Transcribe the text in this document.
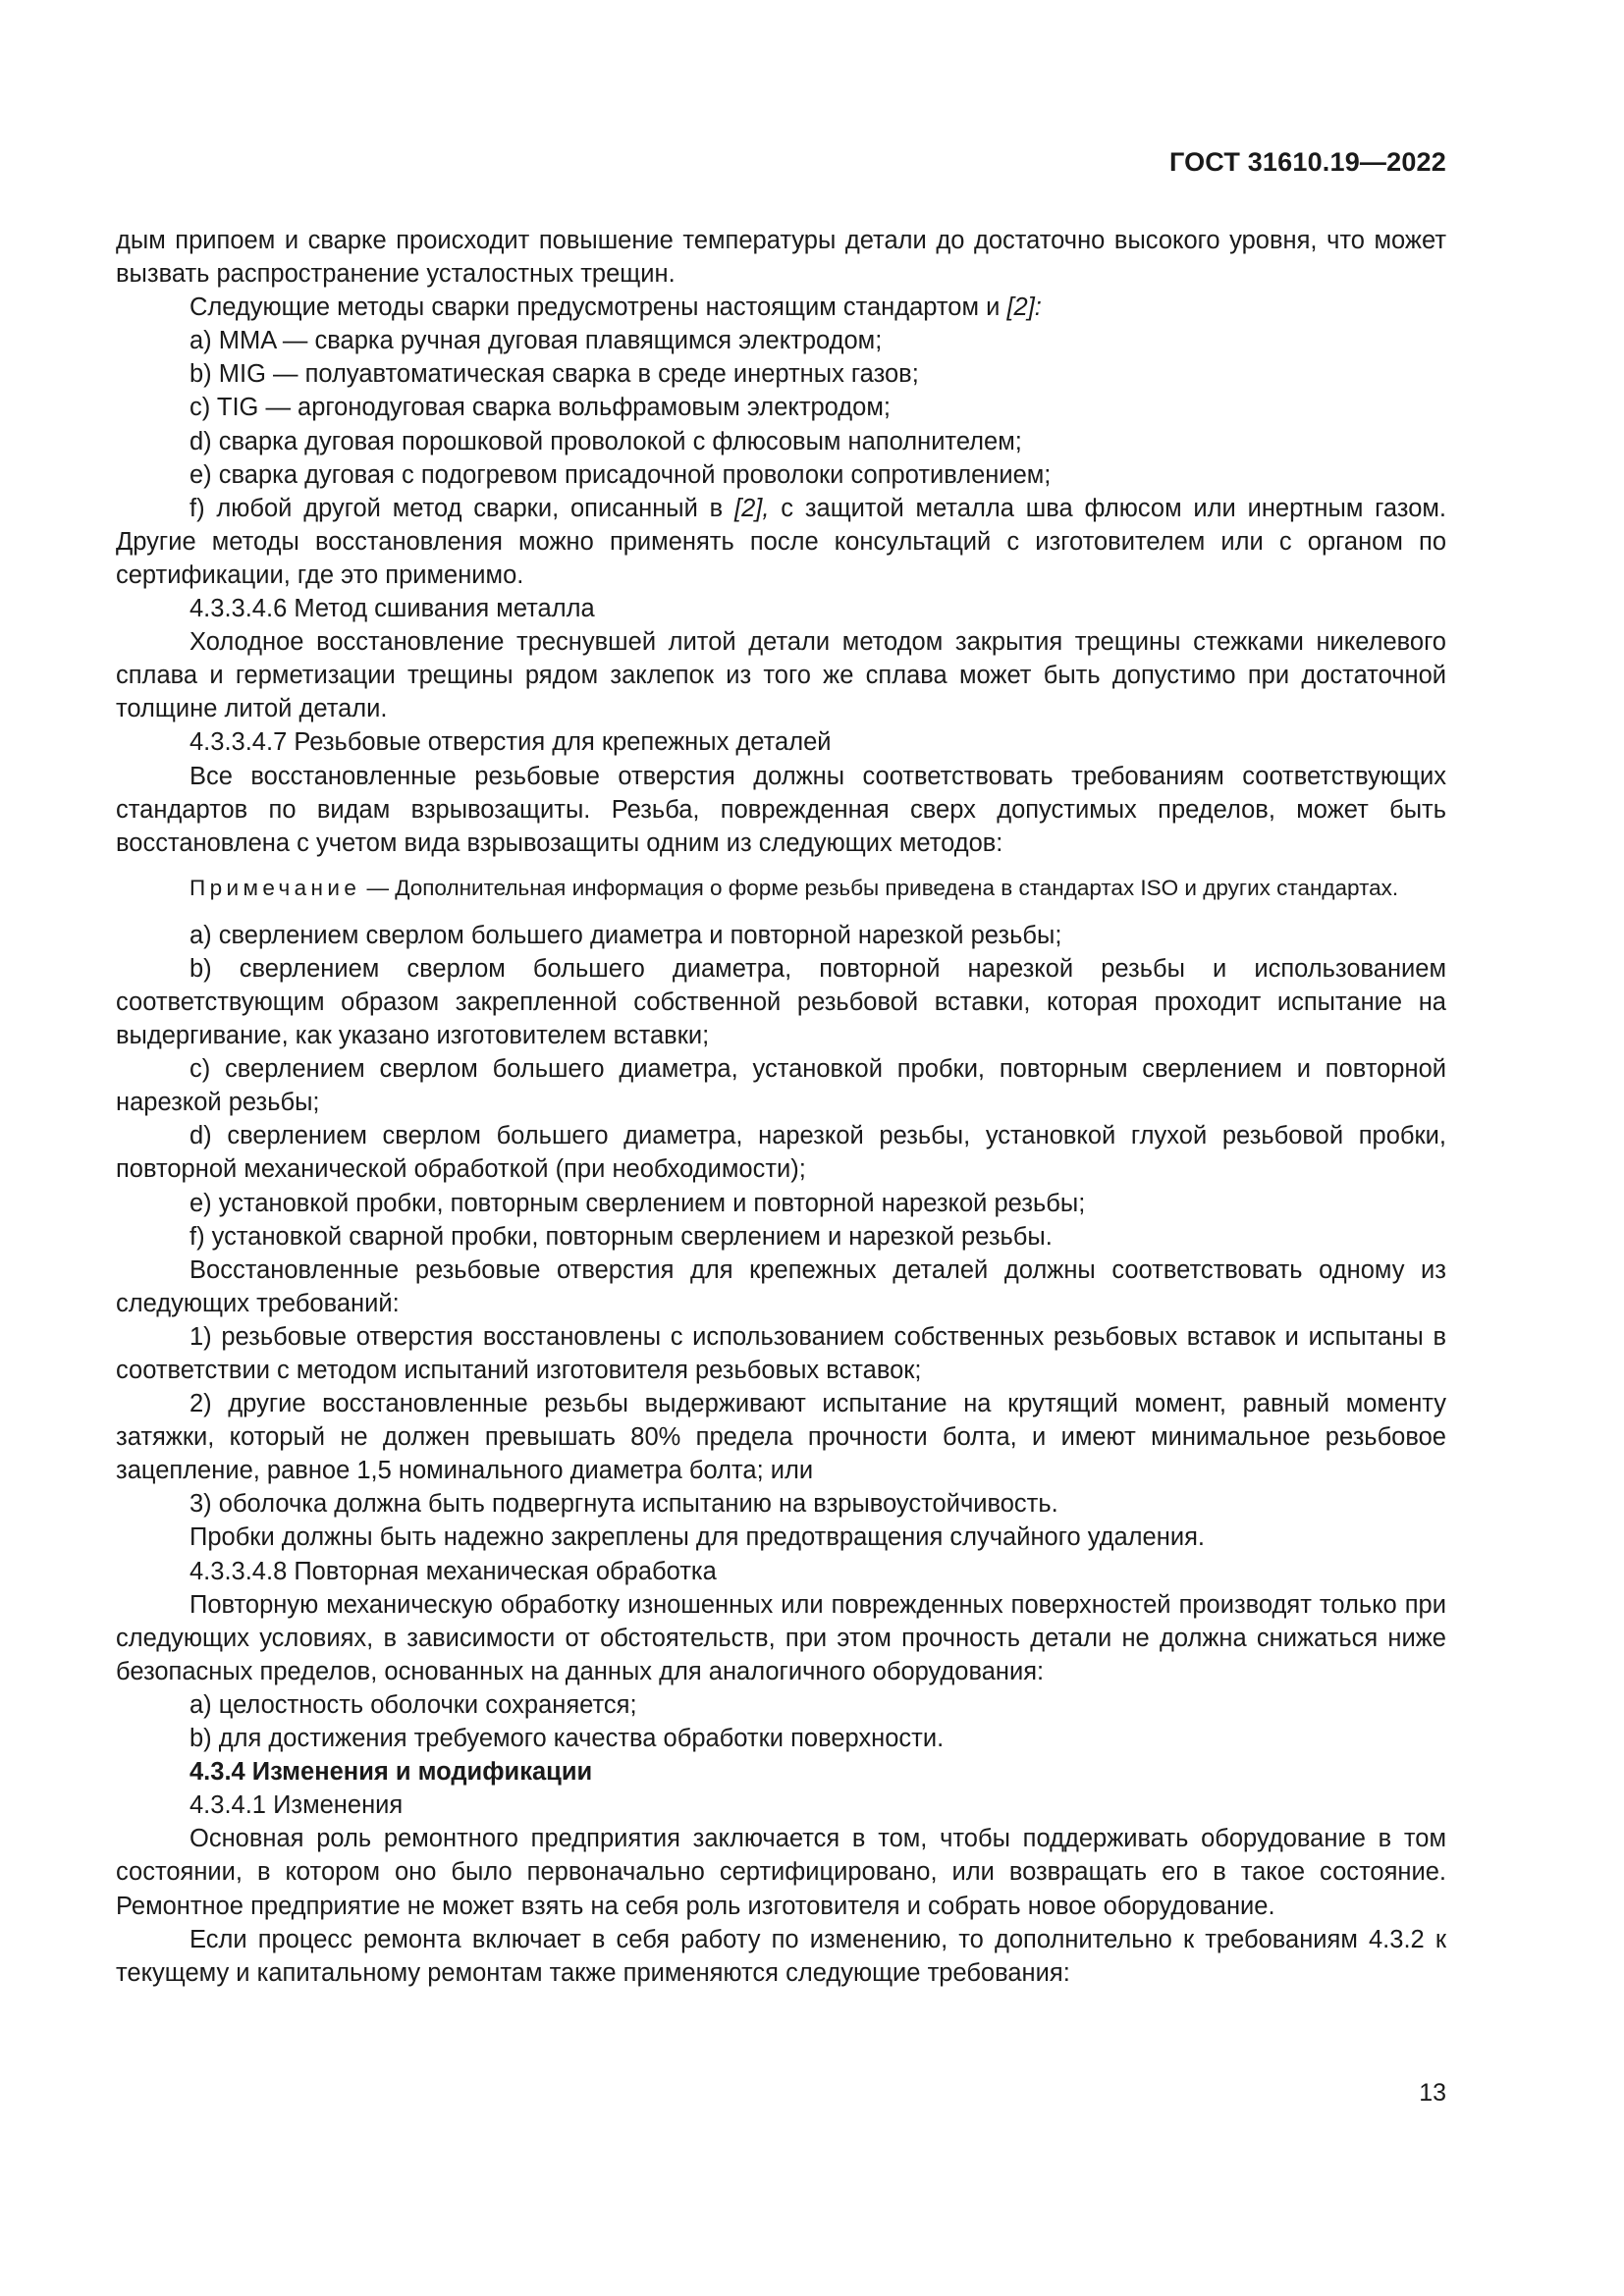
ГОСТ 31610.19—2022

дым припоем и сварке происходит повышение температуры детали до достаточно высокого уровня, что может вызвать распространение усталостных трещин.

Следующие методы сварки предусмотрены настоящим стандартом и [2]:

a) MMA — сварка ручная дуговая плавящимся электродом;

b) MIG — полуавтоматическая сварка в среде инертных газов;

c) TIG — аргонодуговая сварка вольфрамовым электродом;

d) сварка дуговая порошковой проволокой с флюсовым наполнителем;

e) сварка дуговая с подогревом присадочной проволоки сопротивлением;

f) любой другой метод сварки, описанный в [2], с защитой металла шва флюсом или инертным газом. Другие методы восстановления можно применять после консультаций с изготовителем или с органом по сертификации, где это применимо.

4.3.3.4.6 Метод сшивания металла

Холодное восстановление треснувшей литой детали методом закрытия трещины стежками никелевого сплава и герметизации трещины рядом заклепок из того же сплава может быть допустимо при достаточной толщине литой детали.

4.3.3.4.7 Резьбовые отверстия для крепежных деталей

Все восстановленные резьбовые отверстия должны соответствовать требованиям соответствующих стандартов по видам взрывозащиты. Резьба, поврежденная сверх допустимых пределов, может быть восстановлена с учетом вида взрывозащиты одним из следующих методов:

Примечание — Дополнительная информация о форме резьбы приведена в стандартах ISO и других стандартах.

a) сверлением сверлом большего диаметра и повторной нарезкой резьбы;

b) сверлением сверлом большего диаметра, повторной нарезкой резьбы и использованием соответствующим образом закрепленной собственной резьбовой вставки, которая проходит испытание на выдергивание, как указано изготовителем вставки;

c) сверлением сверлом большего диаметра, установкой пробки, повторным сверлением и повторной нарезкой резьбы;

d) сверлением сверлом большего диаметра, нарезкой резьбы, установкой глухой резьбовой пробки, повторной механической обработкой (при необходимости);

e) установкой пробки, повторным сверлением и повторной нарезкой резьбы;

f) установкой сварной пробки, повторным сверлением и нарезкой резьбы.

Восстановленные резьбовые отверстия для крепежных деталей должны соответствовать одному из следующих требований:

1) резьбовые отверстия восстановлены с использованием собственных резьбовых вставок и испытаны в соответствии с методом испытаний изготовителя резьбовых вставок;

2) другие восстановленные резьбы выдерживают испытание на крутящий момент, равный моменту затяжки, который не должен превышать 80% предела прочности болта, и имеют минимальное резьбовое зацепление, равное 1,5 номинального диаметра болта; или

3) оболочка должна быть подвергнута испытанию на взрывоустойчивость.

Пробки должны быть надежно закреплены для предотвращения случайного удаления.

4.3.3.4.8 Повторная механическая обработка

Повторную механическую обработку изношенных или поврежденных поверхностей производят только при следующих условиях, в зависимости от обстоятельств, при этом прочность детали не должна снижаться ниже безопасных пределов, основанных на данных для аналогичного оборудования:

a) целостность оболочки сохраняется;

b) для достижения требуемого качества обработки поверхности.

4.3.4 Изменения и модификации

4.3.4.1 Изменения

Основная роль ремонтного предприятия заключается в том, чтобы поддерживать оборудование в том состоянии, в котором оно было первоначально сертифицировано, или возвращать его в такое состояние. Ремонтное предприятие не может взять на себя роль изготовителя и собрать новое оборудование.

Если процесс ремонта включает в себя работу по изменению, то дополнительно к требованиям 4.3.2 к текущему и капитальному ремонтам также применяются следующие требования:

13
